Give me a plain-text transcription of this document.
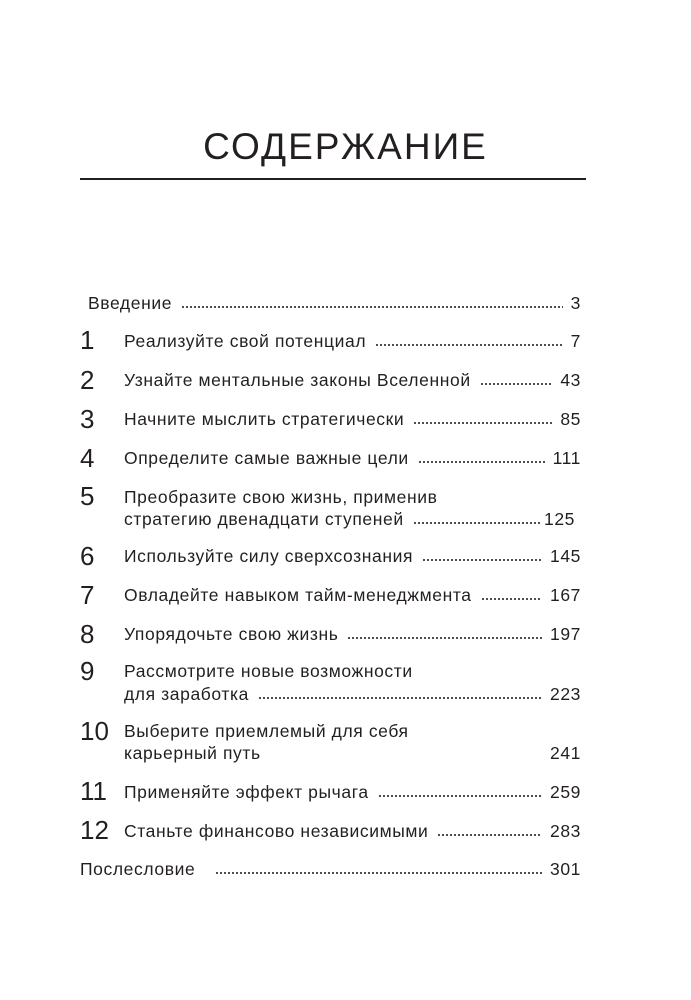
СОДЕРЖАНИЕ
Введение	3
1 Реализуйте свой потенциал	7
2 Узнайте ментальные законы Вселенной	43
3 Начните мыслить стратегически	85
4 Определите самые важные цели	111
5 Преобразите свою жизнь, применив
стратегию двенадцати ступеней	125
6 Используйте силу сверхсознания	145
7 Овладейте навыком тайм-менеджмента	167
8 Упорядочьте свою жизнь	197
9 Рассмотрите новые возможности
для заработка	223
10 Выберите приемлемый для себя
карьерный путь	241
11 Применяйте эффект рычага	259
12 Станьте финансово независимыми	283
Послесловие	301
